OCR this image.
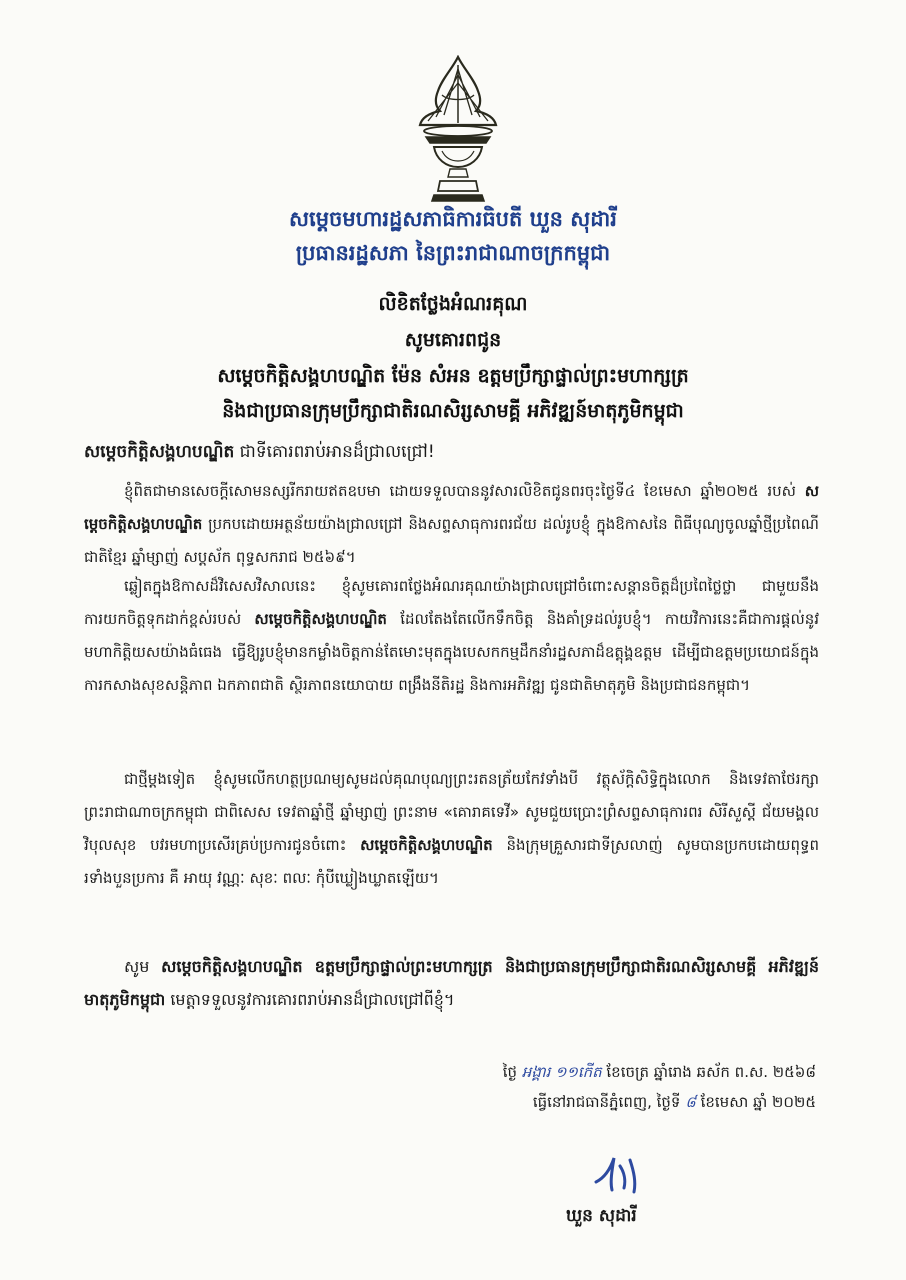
សម្តេចមហារដ្ឋសភាធិការធិបតី ឃួន សុដារី
ប្រធានរដ្ឋសភា នៃព្រះរាជាណាចក្រកម្ពុជា
លិខិតថ្លែងអំណរគុណ
សូមគោរពជូន
សម្តេចកិត្តិសង្គហបណ្ឌិត ម៉ែន សំអន ឧត្តមប្រឹក្សាផ្ទាល់ព្រះមហាក្សត្រ
និងជាប្រធានក្រុមប្រឹក្សាជាតិរណសិរ្សសាមគ្គី អភិវឌ្ឍន៍មាតុភូមិកម្ពុជា
សម្តេចកិត្តិសង្គហបណ្ឌិត ជាទីគោរពរាប់អានដ៏ជ្រាលជ្រៅ!
ខ្ញុំពិតជាមានសេចក្តីសោមនស្សរីករាយឥតឧបមា ដោយទទួលបាននូវសារលិខិតជូនពរចុះថ្ងៃទី៤ ខែមេសា ឆ្នាំ២០២៥ របស់ សម្តេចកិត្តិសង្គហបណ្ឌិត ប្រកបដោយអត្ថន័យយ៉ាងជ្រាលជ្រៅ និងសព្ទសាធុការពរជ័យ ដល់រូបខ្ញុំ ក្នុងឱកាសនៃ ពិធីបុណ្យចូលឆ្នាំថ្មីប្រពៃណីជាតិខ្មែរ ឆ្នាំម្សាញ់ សប្តស័ក ពុទ្ធសករាជ ២៥៦៩។
ឆ្លៀតក្នុងឱកាសដ៏វិសេសវិសាលនេះ ខ្ញុំសូមគោរពថ្លែងអំណរគុណយ៉ាងជ្រាលជ្រៅចំពោះសន្តានចិត្តដ៏ប្រពៃថ្លៃថ្លា ជាមួយនឹងការយកចិត្តទុកដាក់ខ្ពស់របស់ សម្តេចកិត្តិសង្គហបណ្ឌិត ដែលតែងតែលើកទឹកចិត្ត និងគាំទ្រដល់រូបខ្ញុំ។ កាយវិការនេះគឺជាការផ្តល់នូវមហាកិត្តិយសយ៉ាងធំធេង ធ្វើឱ្យរូបខ្ញុំមានកម្លាំងចិត្តកាន់តែមោះមុតក្នុងបេសកកម្មដឹកនាំរដ្ឋសភាដ៏ឧត្តុង្គឧត្តម ដើម្បីជាឧត្តមប្រយោជន៍ក្នុងការកសាងសុខសន្តិភាព ឯកភាពជាតិ ស្ថិរភាពនយោបាយ ពង្រឹងនីតិរដ្ឋ និងការអភិវឌ្ឍ ជូនជាតិមាតុភូមិ និងប្រជាជនកម្ពុជា។
ជាថ្មីម្តងទៀត ខ្ញុំសូមលើកហត្ថប្រណម្យសូមដល់គុណបុណ្យព្រះរតនត្រ័យកែវទាំងបី វត្ថុស័ក្តិសិទ្ធិក្នុងលោក និងទេវតាថែរក្សាព្រះរាជាណាចក្រកម្ពុជា ជាពិសេស ទេវតាឆ្នាំថ្មី ឆ្នាំម្សាញ់ ព្រះនាម «គោរាគទេវី» សូមជួយប្រោះព្រំសព្ទសាធុការពរ សិរីសួស្តី ជ័យមង្គល វិបុលសុខ បវរមហាប្រសើរគ្រប់ប្រការជូនចំពោះ សម្តេចកិត្តិសង្គហបណ្ឌិត និងក្រុមគ្រួសារជាទីស្រលាញ់ សូមបានប្រកបដោយពុទ្ធពរទាំងបួនប្រការ គឺ អាយុ វណ្ណៈ សុខៈ ពលៈ កុំបីឃ្លៀងឃ្លាតឡើយ។
សូម សម្តេចកិត្តិសង្គហបណ្ឌិត ឧត្តមប្រឹក្សាផ្ទាល់ព្រះមហាក្សត្រ និងជាប្រធានក្រុមប្រឹក្សាជាតិរណសិរ្សសាមគ្គី អភិវឌ្ឍន៍មាតុភូមិកម្ពុជា មេត្តាទទួលនូវការគោរពរាប់អានដ៏ជ្រាលជ្រៅពីខ្ញុំ។
ថ្ងៃ អង្គារ ១១កើត ខែចេត្រ ឆ្នាំរោង ឆស័ក ព.ស. ២៥៦៨
ធ្វើនៅរាជធានីភ្នំពេញ, ថ្ងៃទី ៨ ខែមេសា ឆ្នាំ ២០២៥
ឃួន សុដារី
